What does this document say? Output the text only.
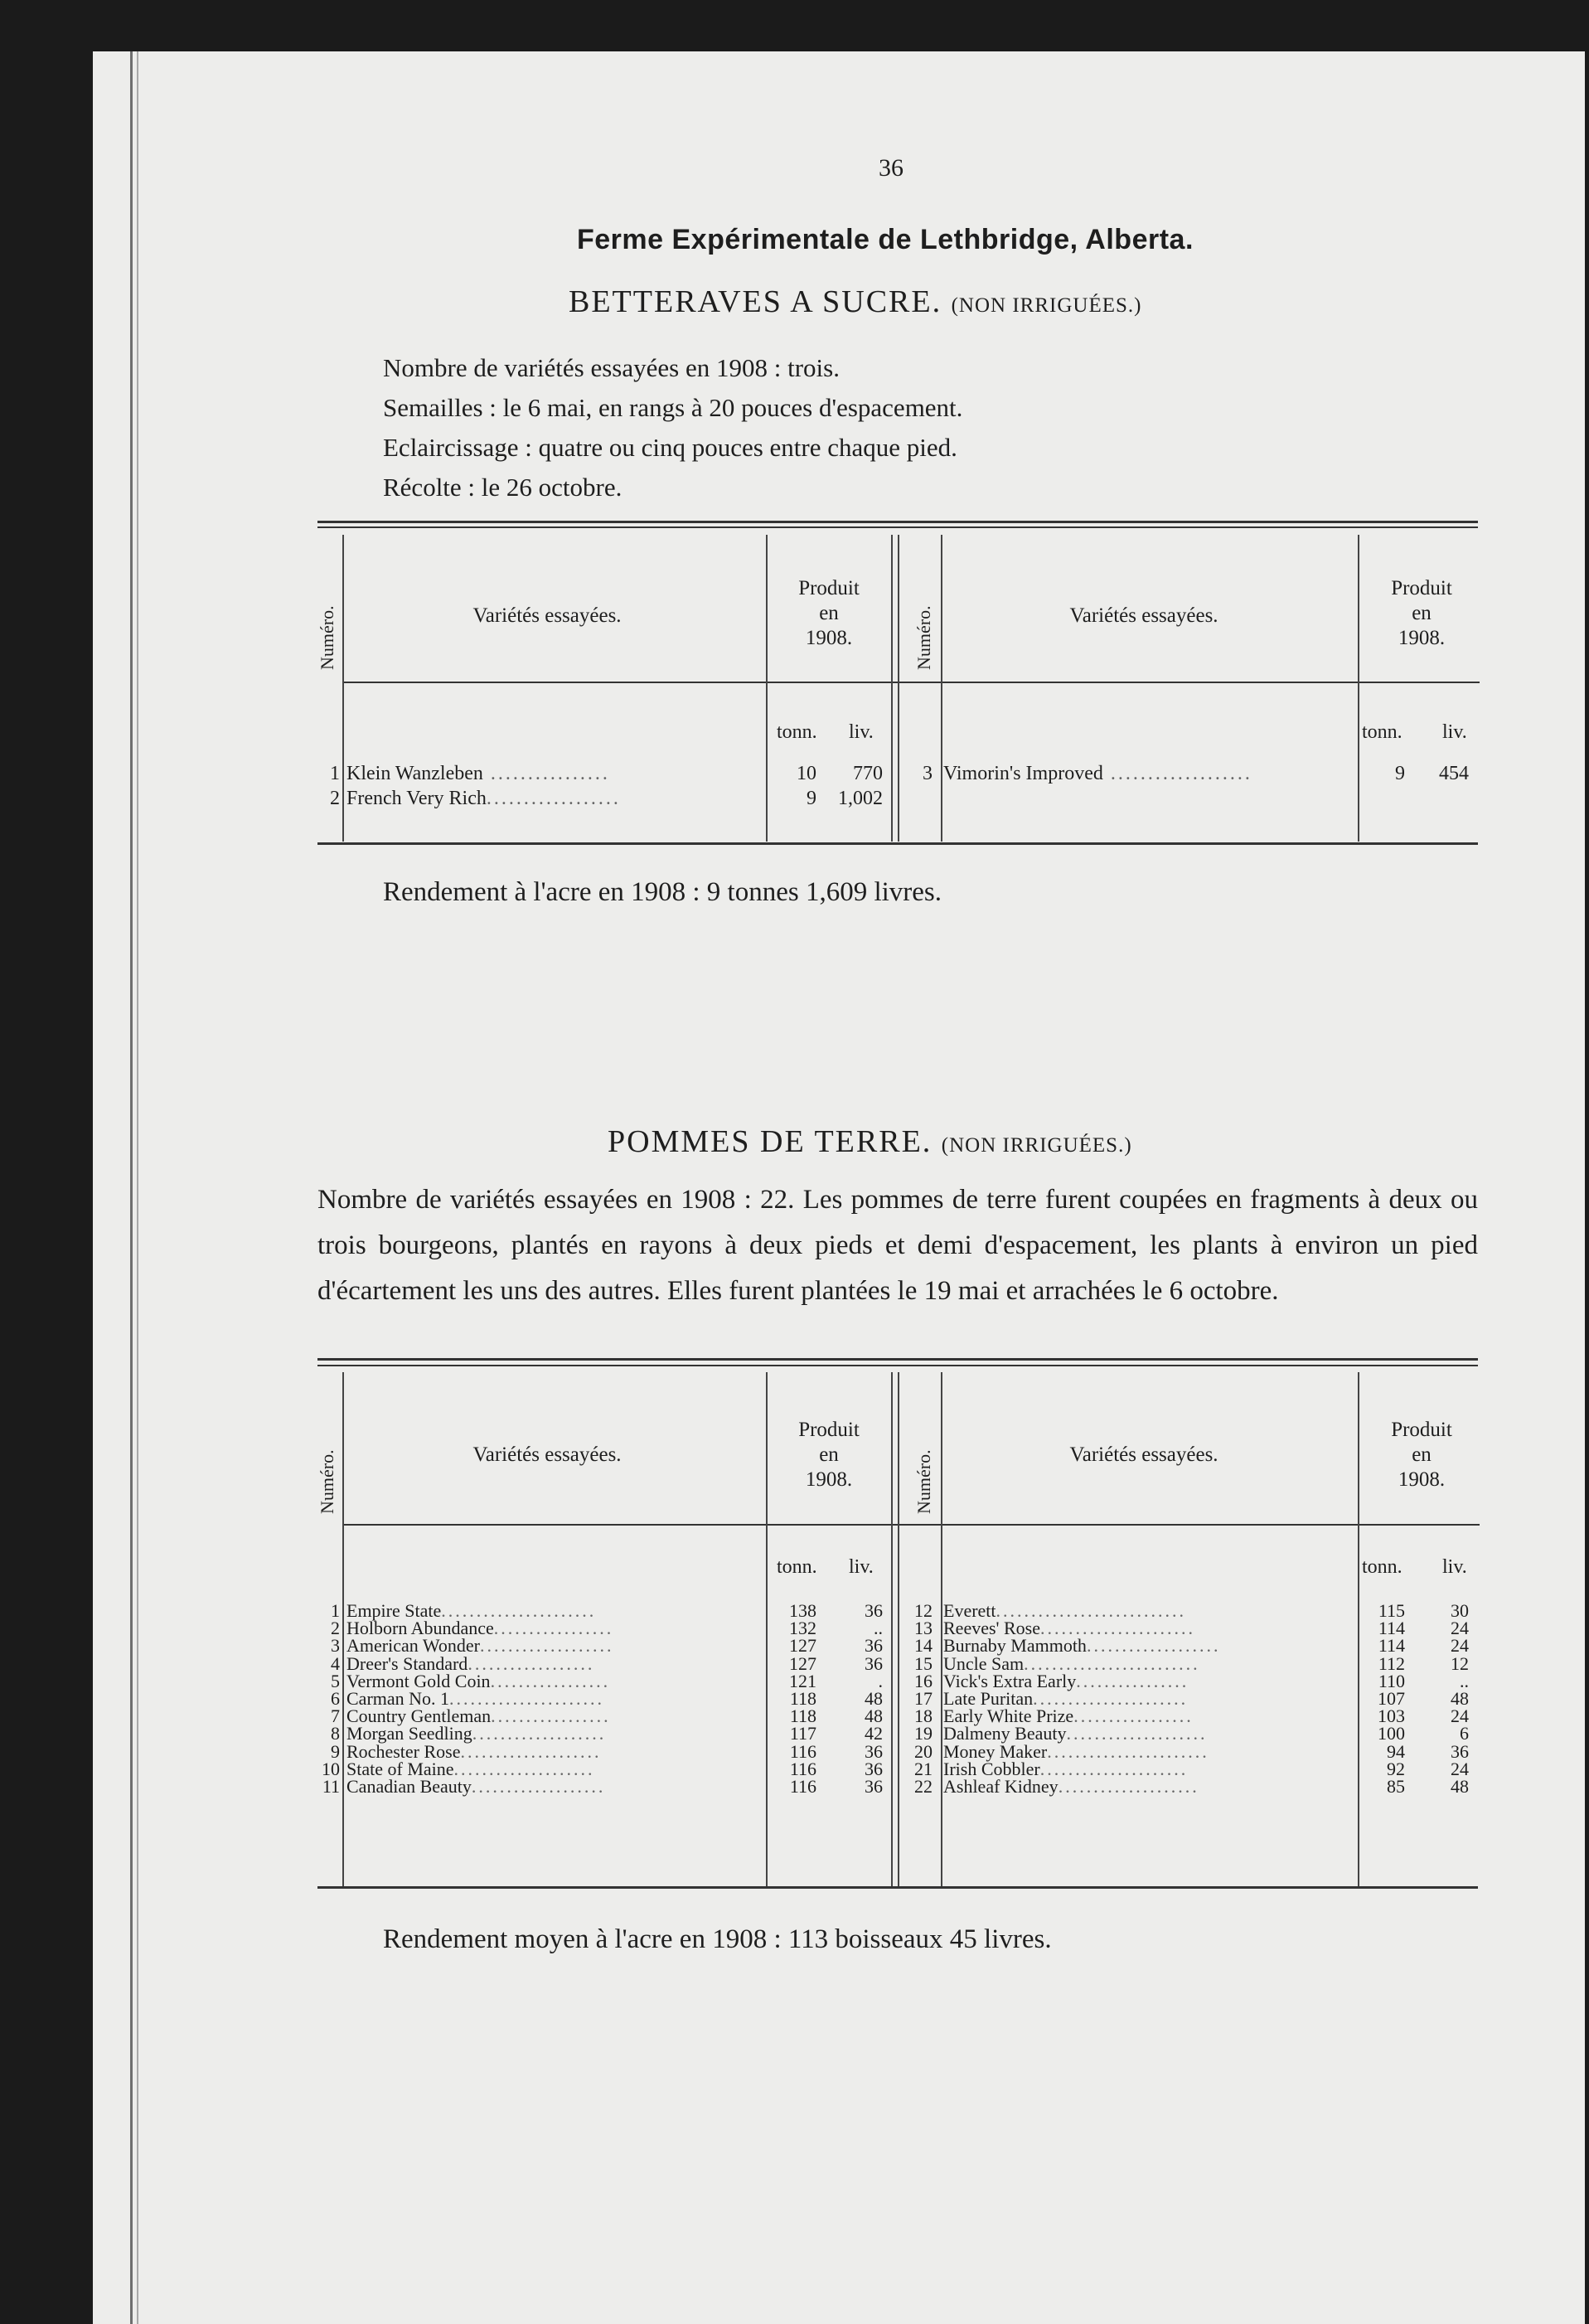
36
Ferme Expérimentale de Lethbridge, Alberta.
BETTERAVES A SUCRE. (NON IRRIGUÉES.)
Nombre de variétés essayées en 1908 : trois.
Semailles : le 6 mai, en rangs à 20 pouces d'espacement.
Eclaircissage : quatre ou cinq pouces entre chaque pied.
Récolte : le 26 octobre.
Numéro.	Variétés essayées.
Produit
en
1908.	Numéro.	Variétés essayées.
Produit
en
1908.
tonn. liv.	tonn. liv.
1 Klein Wanzleben ................	10	770
2 French Very Rich..................	9	1,002
3 Vimorin's Improved ...................	9	454
Rendement à l'acre en 1908 : 9 tonnes 1,609 livres.
POMMES DE TERRE. (NON IRRIGUÉES.)
Nombre de variétés essayées en 1908 : 22. Les pommes de terre furent coupées en fragments à deux ou trois bourgeons, plantés en rayons à deux pieds et demi d'espacement, les plants à environ un pied d'écartement les uns des autres. Elles furent plantées le 19 mai et arrachées le 6 octobre.
Numéro.	Variétés essayées.
Produit
en
1908.	Numéro.	Variétés essayées.
Produit
en
1908.
tonn. liv.	tonn. liv.
1 Empire State......................	138	36
2 Holborn Abundance.................	132	..
3 American Wonder...................	127	36
4 Dreer's Standard..................	127	36
5 Vermont Gold Coin.................	121	.
6 Carman No. 1......................	118	48
7 Country Gentleman.................	118	48
8 Morgan Seedling...................	117	42
9 Rochester Rose....................	116	36
10 State of Maine....................	116	36
11 Canadian Beauty...................	116	36
12 Everett...........................	115	30
13 Reeves' Rose......................	114	24
14 Burnaby Mammoth...................	114	24
15 Uncle Sam.........................	112	12
16 Vick's Extra Early................	110	..
17 Late Puritan......................	107	48
18 Early White Prize.................	103	24
19 Dalmeny Beauty....................	100	6
20 Money Maker.......................	94	36
21 Irish Cobbler.....................	92	24
22 Ashleaf Kidney....................	85	48
Rendement moyen à l'acre en 1908 : 113 boisseaux 45 livres.
